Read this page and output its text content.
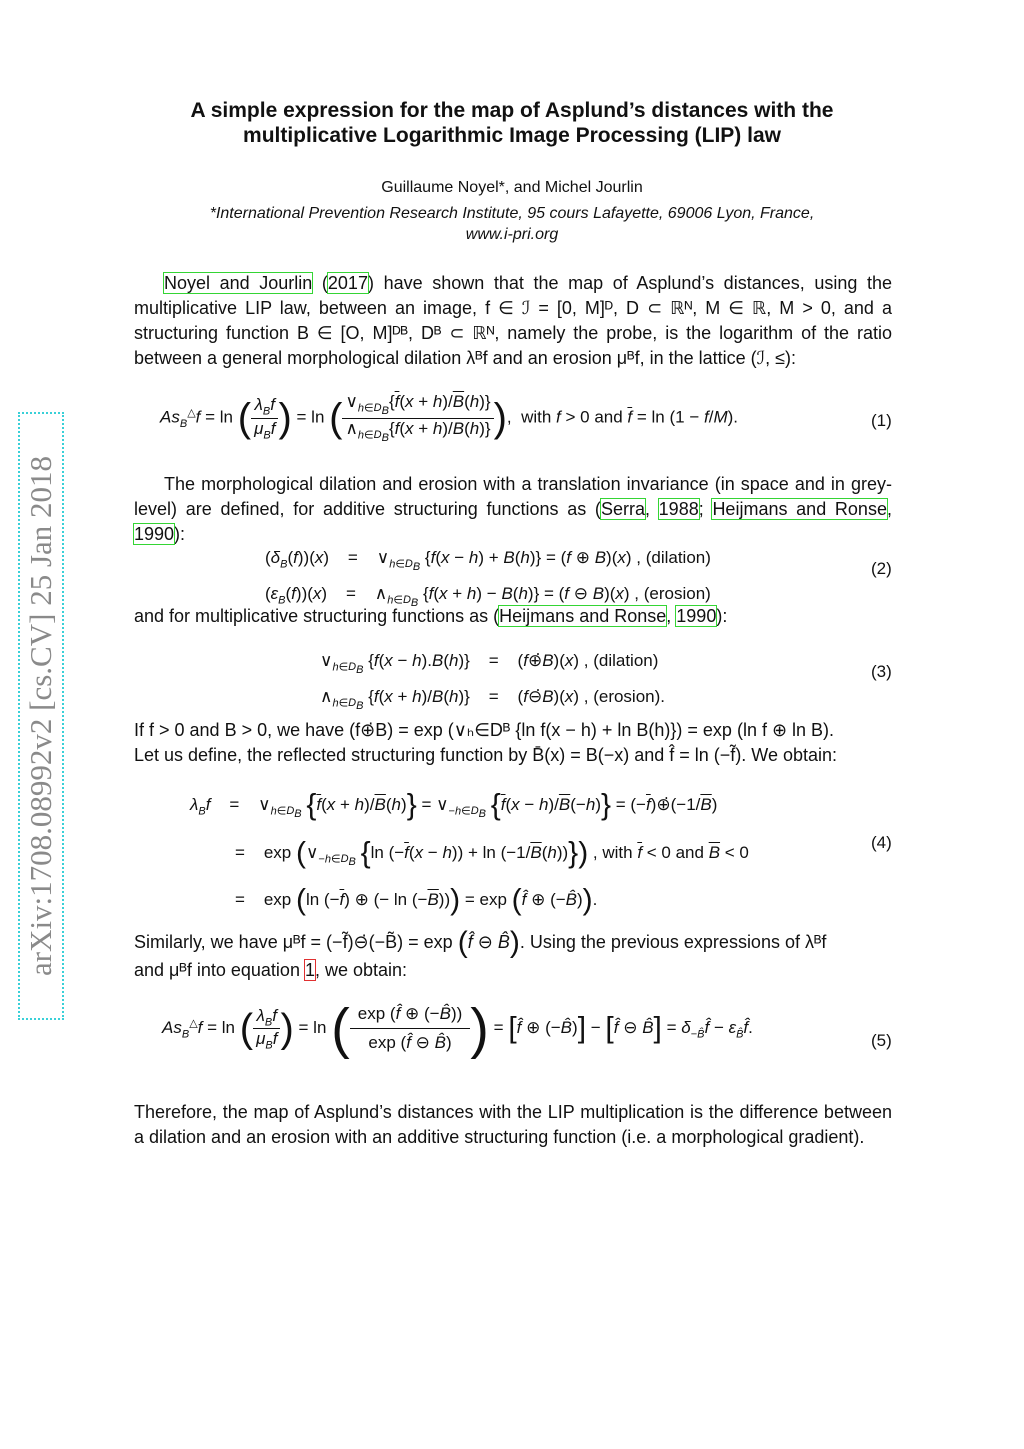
arXiv:1708.08992v2 [cs.CV] 25 Jan 2018
A simple expression for the map of Asplund’s distances with the
multiplicative Logarithmic Image Processing (LIP) law
Guillaume Noyel*, and Michel Jourlin
*International Prevention Research Institute, 95 cours Lafayette, 69006 Lyon, France,
www.i-pri.org
Noyel and Jourlin (2017) have shown that the map of Asplund’s distances, using the multiplicative LIP law, between an image, f ∈ ℐ = [0, M]ᴰ, D ⊂ ℝᴺ, M ∈ ℝ, M > 0, and a structuring function B ∈ [O, M]ᴰᴮ, Dᴮ ⊂ ℝᴺ, namely the probe, is the logarithm of the ratio between a general morphological dilation λᴮf and an erosion μᴮf, in the lattice (ℐ, ≤):
$As_B^\triangle f = \ln$ ( $\frac{\lambda_Bf}{\mu_Bf}$ ) = ln ( $\frac{\vee_{h\in D_B}\{\overline{f}(x + h)/\overline{B}(h)\}}{\wedge_{h\in D_B}\{\overline{f}(x + h)/\overline{B}(h)\}}$ ),  with f > 0 and $\overline{f} = \ln (1 - f/M)$.	(1)
The morphological dilation and erosion with a translation invariance (in space and in grey-level) are defined, for additive structuring functions as (Serra, 1988; Heijmans and Ronse, 1990):
$(\delta_B(f))(x)$    =    $\vee_{h\in D_B}$ {f(x − h) + B(h)} = (f ⊕ B)(x) , (dilation)
$(\varepsilon_B(f))(x)$    =    $\wedge_{h\in D_B}$ {f(x + h) − B(h)} = (f ⊖ B)(x) , (erosion)
(2)
and for multiplicative structuring functions as (Heijmans and Ronse, 1990):
$\vee_{h\in D_B}$ {f(x − h).B(h)}    =    (f⊕̇B)(x) , (dilation)
$\wedge_{h\in D_B}$ {f(x + h)/B(h)}    =    (f⊖̇B)(x) , (erosion).
(3)
If f > 0 and B > 0, we have (f⊕̇B) = exp (∨ₕ∈Dᴮ {ln f(x − h) + ln B(h)}) = exp (ln f ⊕ ln B).
Let us define, the reflected structuring function by B̄(x) = B(−x) and f̂ = ln (−f̃). We obtain:
$\lambda_Bf$    =    $\vee_{h\in D_B}$ $\{\overline{f}(x + h)/\overline{B}(h)\}$ = $\vee_{-h\in D_B}$ $\{\overline{f}(x - h)/\overline{B}(-h)\}$ = $(-\overline{f})\opluṡ(-1/\overline{B})$
=    $\exp (\vee_{-h\in D_B}$ {ln $(-\overline{f}(x - h)) + \ln (-1/\overline{B}(h))$}) , with $\overline{f} < 0$ and $\overline{B} < 0$
=    exp (ln $(-\overline{f})$ ⊕ (− $\ln (-\overline{B}))) = \exp$ (f̂ ⊕ (−B̂)).
(4)
Similarly, we have μᴮf = (−f̃)⊖̇(−B̃) = exp (f̂ ⊖ B̂). Using the previous expressions of λᴮf
and μᴮf into equation 1, we obtain:
$As_B^\triangle f = \ln$ ( $\frac{\lambda_Bf}{\mu_Bf}$ ) = ln ( $\frac{\exp (f̂ \oplus (-B̂))}{\exp (f̂ ⊖ B̂)}$ ) = [f̂ ⊕ (−B̂)] − [f̂ ⊖ B̂] = $\delta_{-B̂}f̂$ − $\varepsilon_{B̂}f̂$.
(5)
Therefore, the map of Asplund’s distances with the LIP multiplication is the difference between a dilation and an erosion with an additive structuring function (i.e. a morphological gradient).
